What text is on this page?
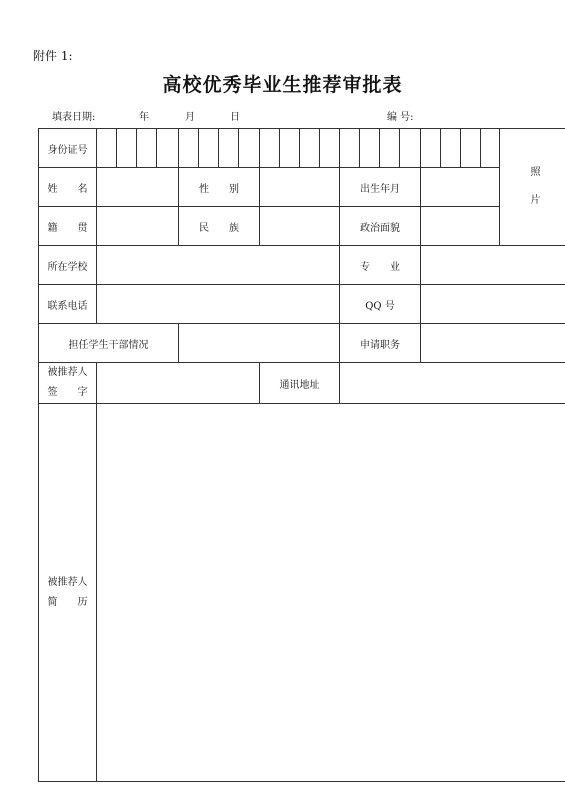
附件 1:
高校优秀毕业生推荐审批表
填表日期:	年	月	日	编 号:
身份证号																					照
片

姓　　名					性　　别								出生年月								
籍　　贯					民　　族								政治面貌								
所在学校													专　　业								
联系电话													QQ 号								
担任学生干部情况													申请职务								

被推荐人
签　　字									通讯地址												

被推荐人
简　　历																					
